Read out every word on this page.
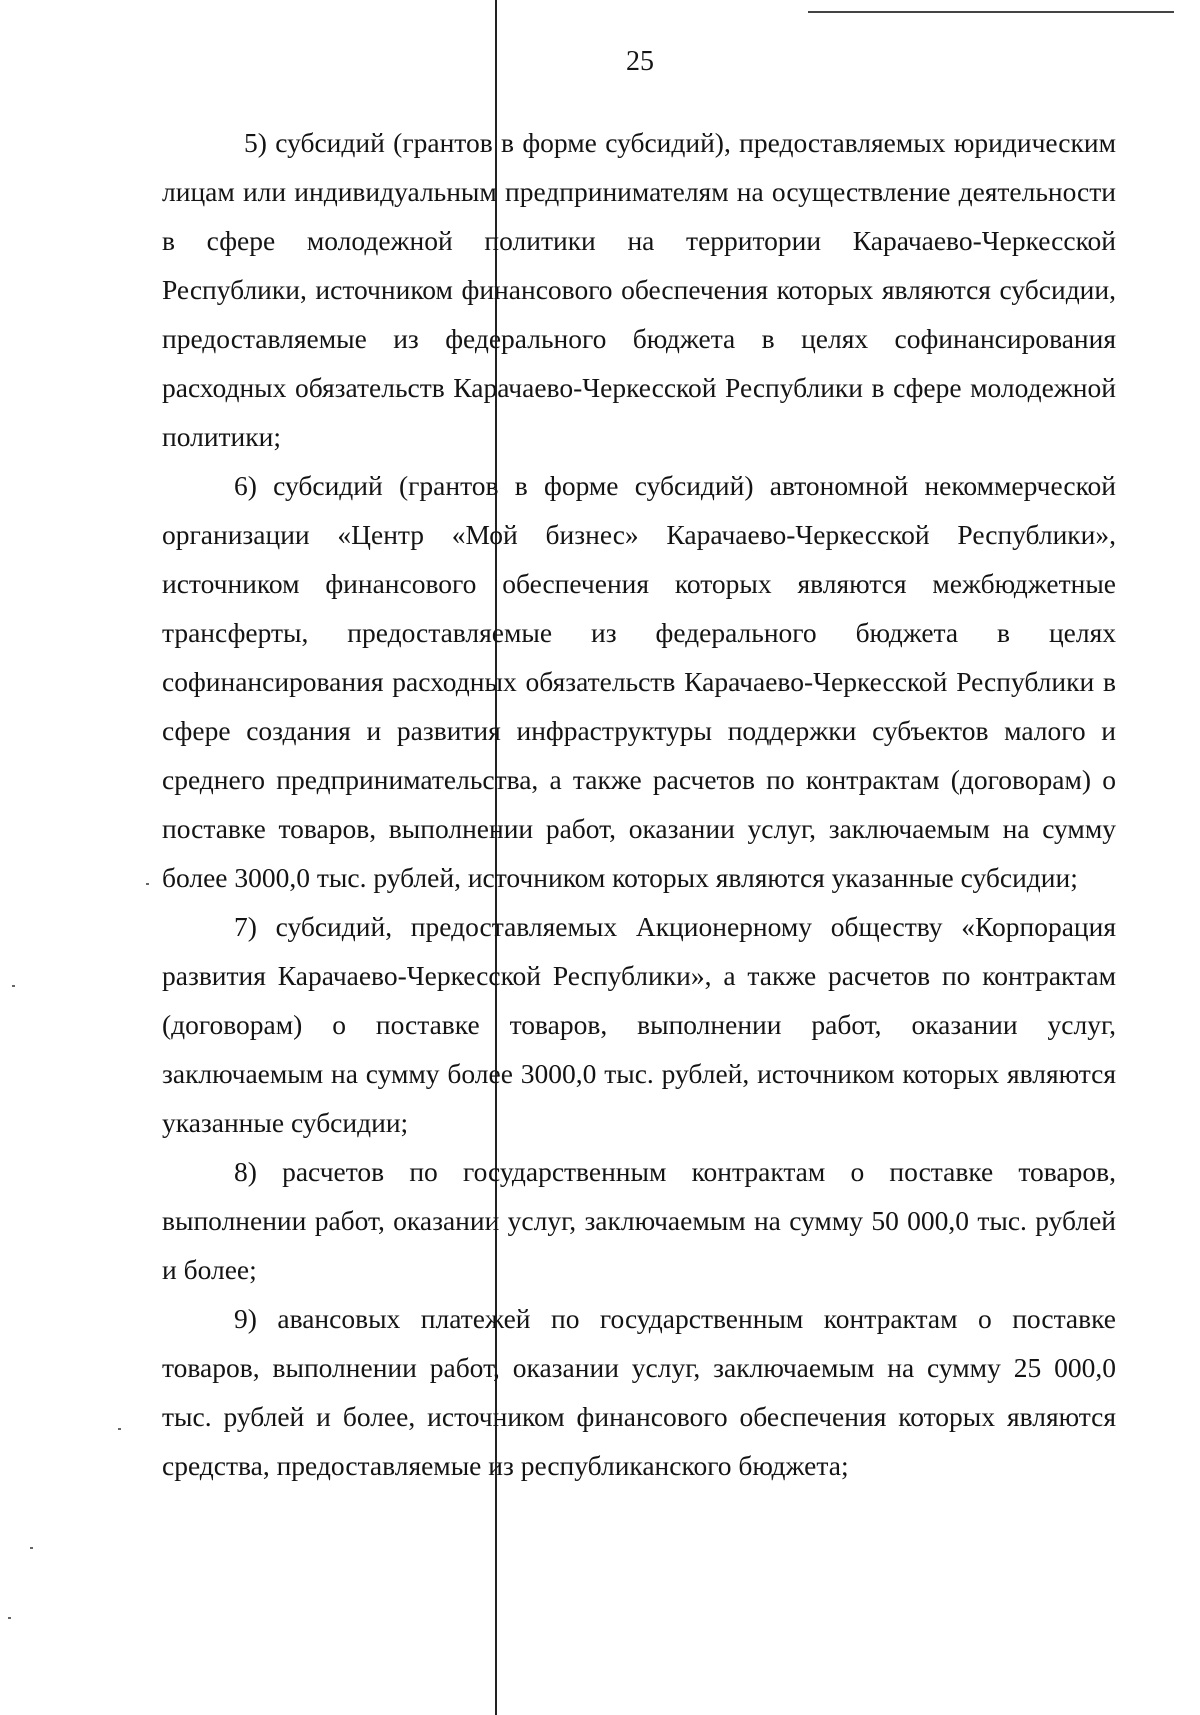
25

5) субсидий (грантов в форме субсидий), предоставляемых юридическим лицам или индивидуальным предпринимателям на осуществление деятельности в сфере молодежной политики на территории Карачаево-Черкесской Республики, источником финансового обеспечения которых являются субсидии, предоставляемые из федерального бюджета в целях софинансирования расходных обязательств Карачаево-Черкесской Республики в сфере молодежной политики;

6) субсидий (грантов в форме субсидий) автономной некоммерческой организации «Центр «Мой бизнес» Карачаево-Черкесской Республики», источником финансового обеспечения которых являются межбюджетные трансферты, предоставляемые из федерального бюджета в целях софинансирования расходных обязательств Карачаево-Черкесской Республики в сфере создания и развития инфраструктуры поддержки субъектов малого и среднего предпринимательства, а также расчетов по контрактам (договорам) о поставке товаров, выполнении работ, оказании услуг, заключаемым на сумму более 3000,0 тыс. рублей, источником которых являются указанные субсидии;

7) субсидий, предоставляемых Акционерному обществу «Корпорация развития Карачаево-Черкесской Республики», а также расчетов по контрактам (договорам) о поставке товаров, выполнении работ, оказании услуг, заключаемым на сумму более 3000,0 тыс. рублей, источником которых являются указанные субсидии;

8) расчетов по государственным контрактам о поставке товаров, выполнении работ, оказании услуг, заключаемым на сумму 50 000,0 тыс. рублей и более;

9) авансовых платежей по государственным контрактам о поставке товаров, выполнении работ, оказании услуг, заключаемым на сумму 25 000,0 тыс. рублей и более, источником финансового обеспечения которых являются средства, предоставляемые из республиканского бюджета;
